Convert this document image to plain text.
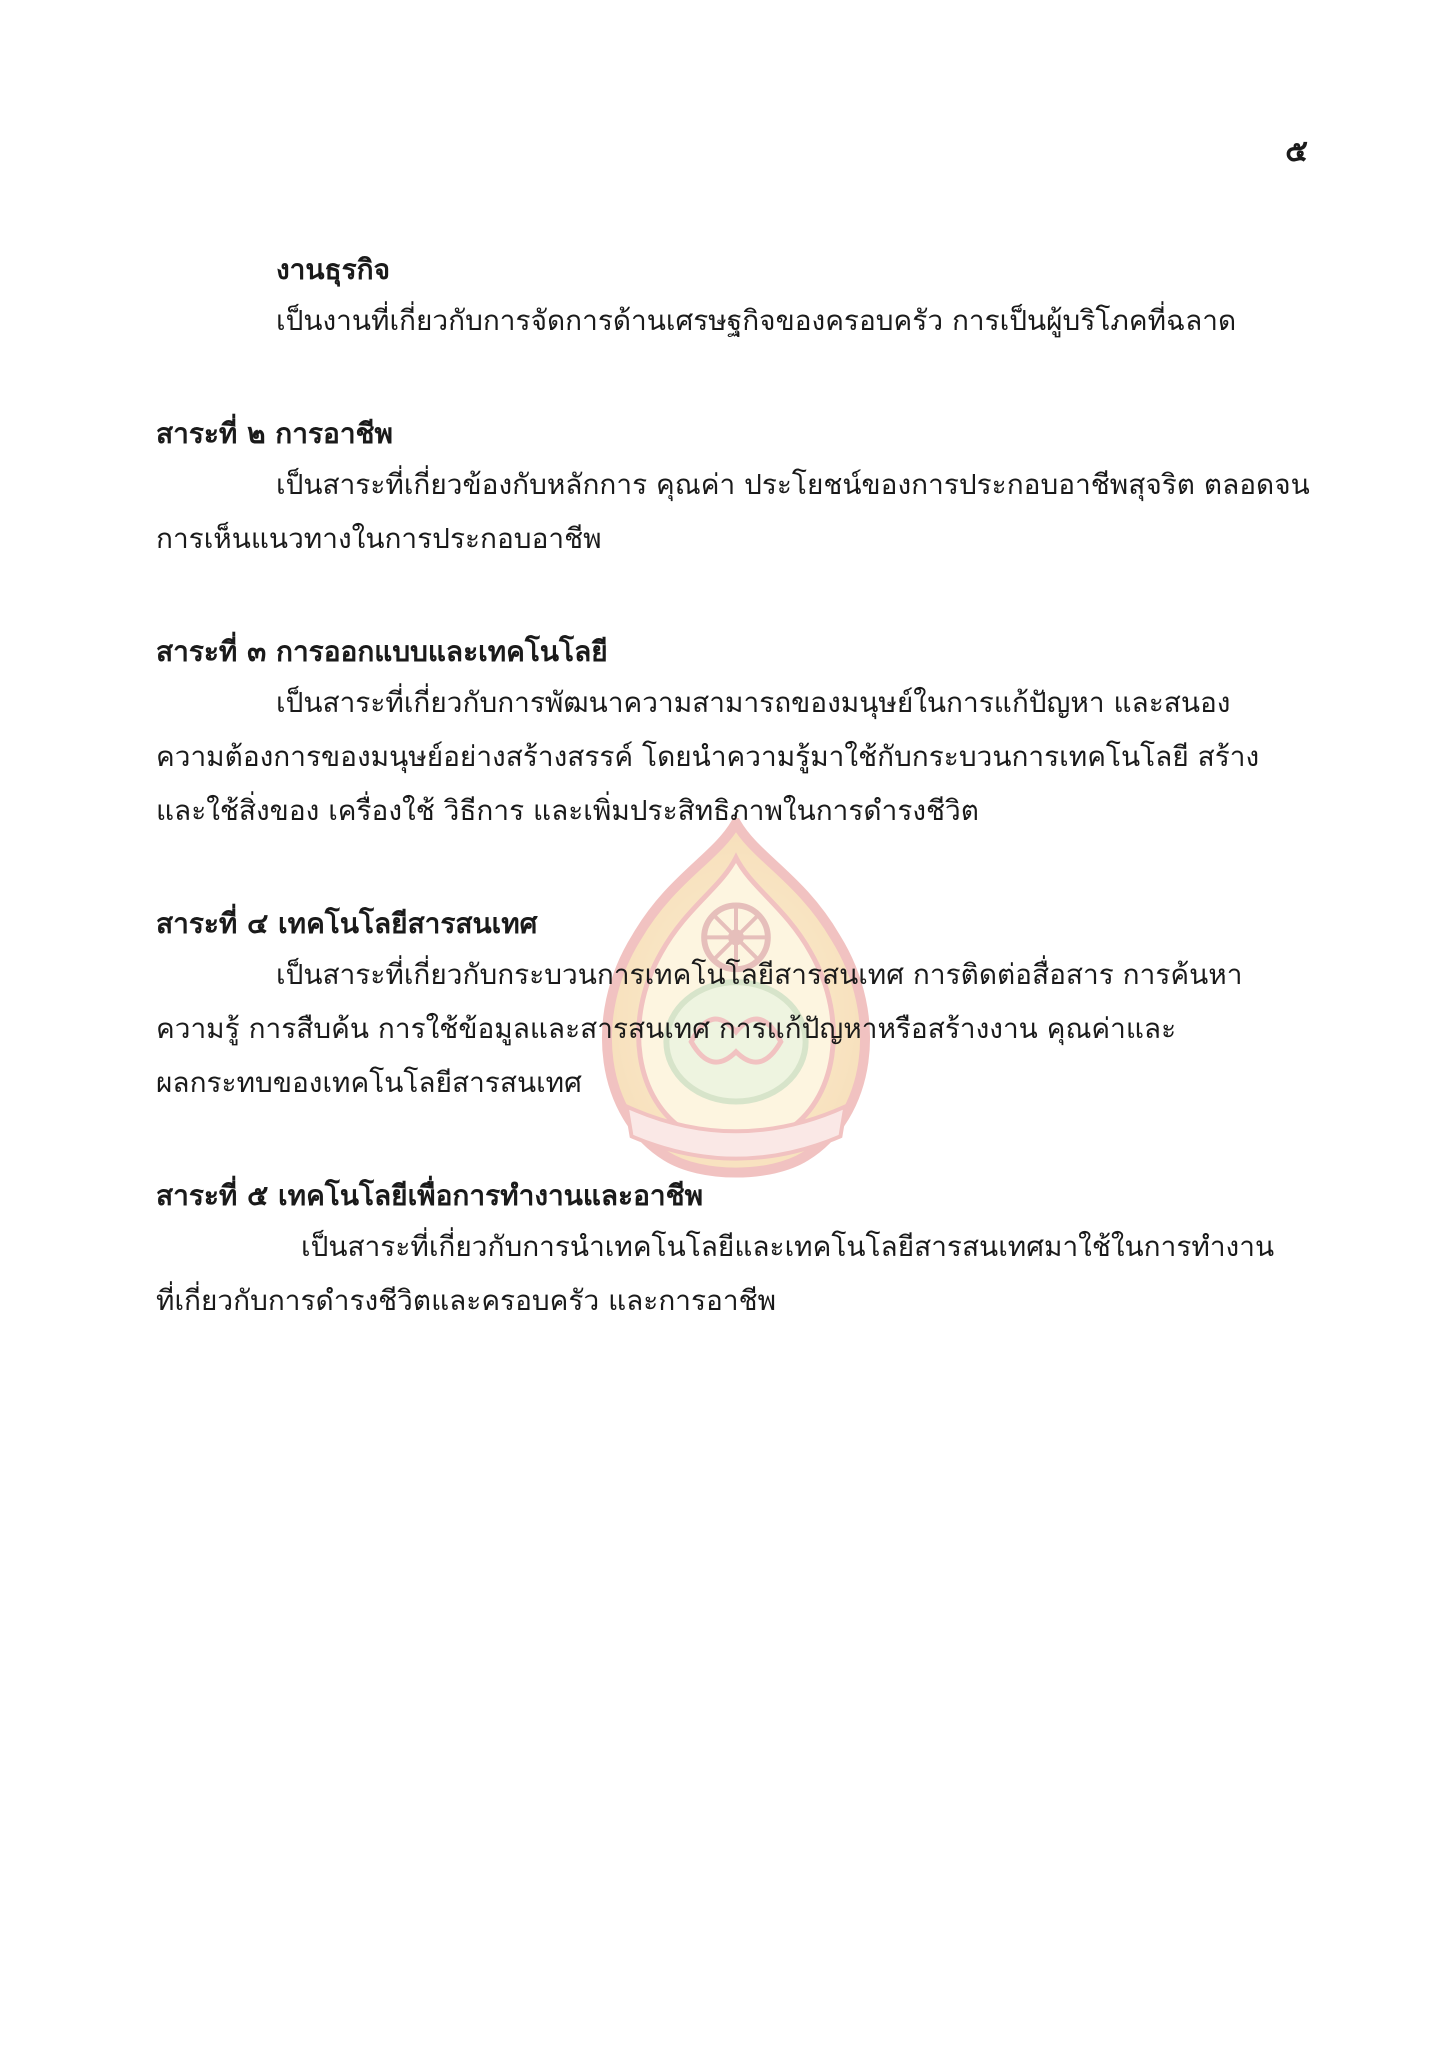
๕
งานธุรกิจ

เป็นงานที่เกี่ยวกับการจัดการด้านเศรษฐกิจของครอบครัว การเป็นผู้บริโภคที่ฉลาด

สาระที่ ๒ การอาชีพ

เป็นสาระที่เกี่ยวข้องกับหลักการ คุณค่า ประโยชน์ของการประกอบอาชีพสุจริต ตลอดจน
การเห็นแนวทางในการประกอบอาชีพ

สาระที่ ๓ การออกแบบและเทคโนโลยี

เป็นสาระที่เกี่ยวกับการพัฒนาความสามารถของมนุษย์ในการแก้ปัญหา และสนอง
ความต้องการของมนุษย์อย่างสร้างสรรค์ โดยนำความรู้มาใช้กับกระบวนการเทคโนโลยี สร้าง
และใช้สิ่งของ เครื่องใช้ วิธีการ และเพิ่มประสิทธิภาพในการดำรงชีวิต

สาระที่ ๔ เทคโนโลยีสารสนเทศ

เป็นสาระที่เกี่ยวกับกระบวนการเทคโนโลยีสารสนเทศ การติดต่อสื่อสาร การค้นหา
ความรู้ การสืบค้น การใช้ข้อมูลและสารสนเทศ การแก้ปัญหาหรือสร้างงาน คุณค่าและ
ผลกระทบของเทคโนโลยีสารสนเทศ

สาระที่ ๕ เทคโนโลยีเพื่อการทำงานและอาชีพ

เป็นสาระที่เกี่ยวกับการนำเทคโนโลยีและเทคโนโลยีสารสนเทศมาใช้ในการทำงาน
ที่เกี่ยวกับการดำรงชีวิตและครอบครัว และการอาชีพ
